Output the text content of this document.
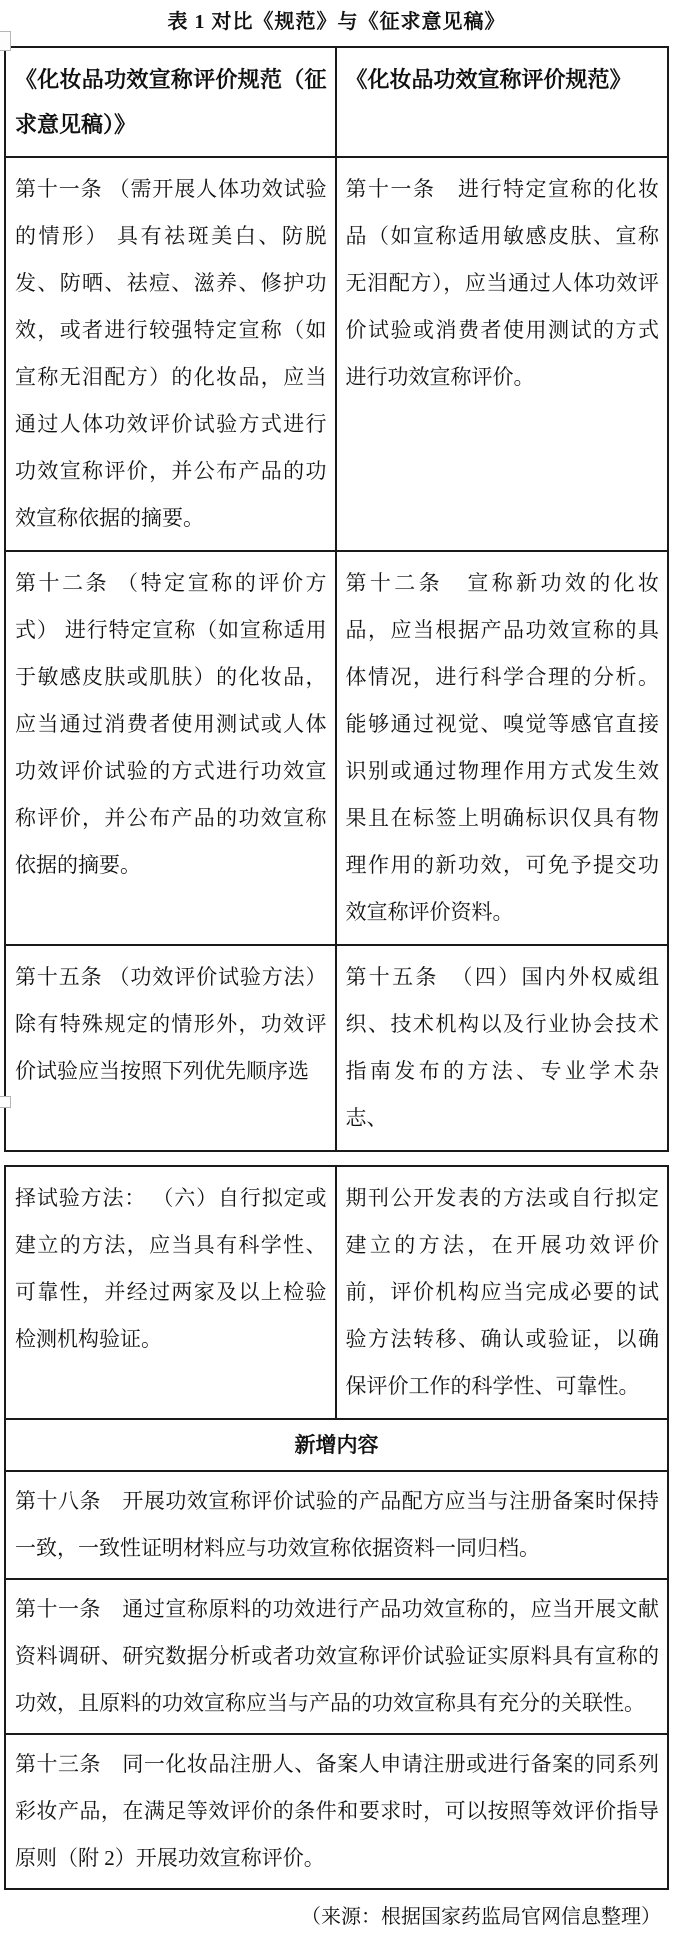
表 1 对比《规范》与《征求意见稿》
《化妆品功效宣称评价规范（征求意见稿）》
《化妆品功效宣称评价规范》
第十一条 （需开展人体功效试验的情形） 具有祛斑美白、防脱发、防晒、祛痘、滋养、修护功效，或者进行较强特定宣称（如宣称无泪配方）的化妆品，应当通过人体功效评价试验方式进行功效宣称评价，并公布产品的功效宣称依据的摘要。
第十一条　进行特定宣称的化妆品（如宣称适用敏感皮肤、宣称无泪配方），应当通过人体功效评价试验或消费者使用测试的方式进行功效宣称评价。
第十二条 （特定宣称的评价方式） 进行特定宣称（如宣称适用于敏感皮肤或肌肤）的化妆品，应当通过消费者使用测试或人体功效评价试验的方式进行功效宣称评价，并公布产品的功效宣称依据的摘要。
第十二条　宣称新功效的化妆品，应当根据产品功效宣称的具体情况，进行科学合理的分析。能够通过视觉、嗅觉等感官直接识别或通过物理作用方式发生效果且在标签上明确标识仅具有物理作用的新功效，可免予提交功效宣称评价资料。
第十五条 （功效评价试验方法）除有特殊规定的情形外，功效评价试验应当按照下列优先顺序选
第十五条　（四）国内外权威组织、技术机构以及行业协会技术指南发布的方法、专业学术杂志、
择试验方法： （六）自行拟定或建立的方法，应当具有科学性、可靠性，并经过两家及以上检验检测机构验证。
期刊公开发表的方法或自行拟定建立的方法，在开展功效评价前，评价机构应当完成必要的试验方法转移、确认或验证，以确保评价工作的科学性、可靠性。
新增内容
第十八条　开展功效宣称评价试验的产品配方应当与注册备案时保持一致，一致性证明材料应与功效宣称依据资料一同归档。
第十一条　通过宣称原料的功效进行产品功效宣称的，应当开展文献资料调研、研究数据分析或者功效宣称评价试验证实原料具有宣称的功效，且原料的功效宣称应当与产品的功效宣称具有充分的关联性。
第十三条　同一化妆品注册人、备案人申请注册或进行备案的同系列彩妆产品，在满足等效评价的条件和要求时，可以按照等效评价指导原则（附 2）开展功效宣称评价。
（来源：根据国家药监局官网信息整理）
